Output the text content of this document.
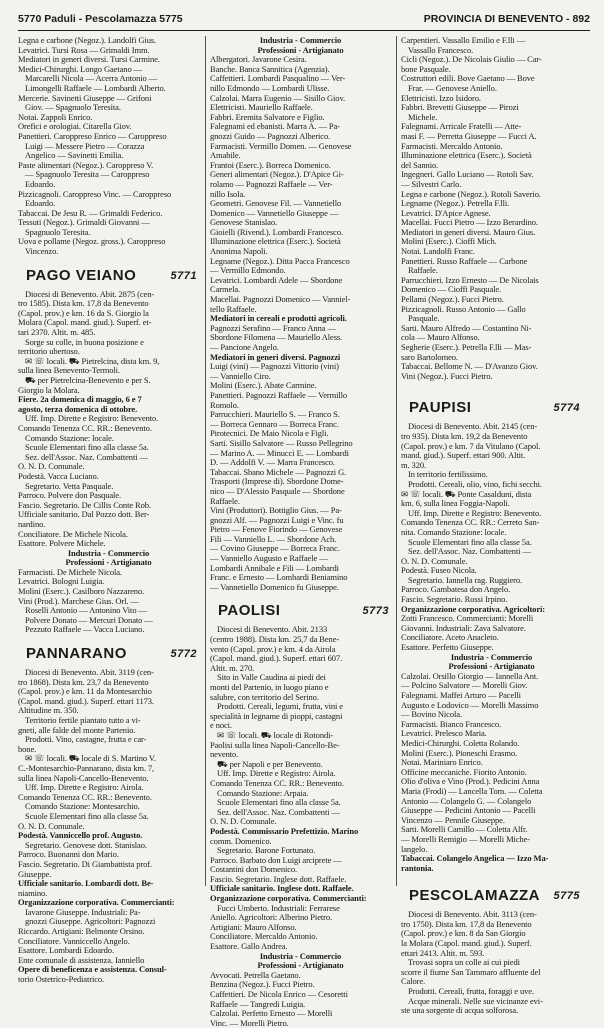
5770 Paduli - Pescolamazza 5775	PROVINCIA DI BENEVENTO - 892
Legna e carbone (Negoz.). Landolfi Gius.
Levatrici. Tursi Rosa — Grimaldi Imm.
Mediatori in generi diversi. Tursi Carmine.
Medici-Chirurghi. Longo Gaetano —
Marcarelli Nicola — Acerra Antonio —
Limongelli Raffaele — Lombardi Alberto.
Mercerie. Savinetti Giuseppe — Grifoni
Giov. — Spagnuolo Teresita.
Notai. Zappoli Enrico.
Orefici e orologiai. Citarella Giov.
Panettieri. Caroppreso Enrico — Caroppreso
Luigi — Messere Pietro — Corazza
Angelico — Savinetti Emilia.
Paste alimentari (Negoz.). Caroppreso V.
— Spagnuolo Teresita — Caroppreso
Edoardo.
Pizzicagnoli. Caroppreso Vinc. — Caroppreso
Edoardo.
Tabaccai. De Jesu R. — Grimaldi Federico.
Tessuti (Negoz.). Grimaldi Giovanni —
Spagnuolo Teresita.
Uova e pollame (Negoz. gross.). Caroppreso
Vincenzo.
PAGO VEIANO	5771
Diocesi di Benevento. Abit. 2875 (cen-
tro 1585). Dista km. 17,8 da Benevento
(Capol. prov.) e km. 16 da S. Giorgio la
Molara (Capol. mand. giud.). Superf. et-
tari 2370. Altit. m. 485.
Sorge su colle, in buona posizione e
territorio ubertoso.
✉ ☏ locali. ⛟ Pietrelcina, dista km. 9,
sulla linea Benevento-Termoli.
⛟ per Pietrelcina-Benevento e per S.
Giorgio la Molara.
Fiere. 2a domenica di maggio, 6 e 7
agosto, terza domenica di ottobre.
Uff. Imp. Dirette e Registro: Benevento.
Comando Tenenza CC. RR.: Benevento.
Comando Stazione: locale.
Scuole Elementari fino alla classe 5a.
Sez. dell'Assoc. Naz. Combattenti —
O. N. D. Comunale.
Podestà. Vacca Luciano.
Segretario. Vetta Pasquale.
Parroco. Polvere don Pasquale.
Fascio. Segretario. De Cillis Conte Rob.
Ufficiale sanitario. Dal Pozzo dott. Ber-
nardino.
Conciliatore. De Michele Nicola.
Esattore. Polvere Michele.
Industria - Commercio
Professioni - Artigianato
Farmacisti. De Michele Nicola.
Levatrici. Bologni Luigia.
Molini (Eserc.). Casilboro Nazzareno.
Vini (Prod.). Marchese Gius. Orl. —
Roselli Antonio — Antonino Vito —
Polvere Donato — Mercuri Donato —
Pezzuto Raffaele — Vacca Luciano.
PANNARANO	5772
Diocesi di Benevento. Abit. 3119 (cen-
tro 1868). Dista km. 23,7 da Benevento
(Capol. prov.) e km. 11 da Montesarchio
(Capol. mand. giud.). Superf. ettari 1173.
Altitudine m. 350.
Territorio fertile piantato tutto a vi-
gneti, alle falde del monte Partenio.
Prodotti. Vino, castagne, frutta e car-
bone.
✉ ☏ locali. ⛟ locale di S. Martino V.
C.-Montesarchio-Pannarano, dista km. 7,
sulla linea Napoli-Cancello-Benevento.
Uff. Imp. Dirette e Registro: Airola.
Comando Tenenza CC. RR.: Benevento.
Comando Stazione: Montesarchio.
Scuole Elementari fino alla classe 5a.
O. N. D. Comunale.
Podestà. Vanniccello prof. Augusto.
Segretario. Genovese dott. Stanislao.
Parroco. Buonanni don Mario.
Fascio. Segretario. Di Giambattista prof.
Giuseppe.
Ufficiale sanitario. Lombardi dott. Be-
niamino.
Organizzazione corporativa. Commercianti:
Iavarone Giuseppe. Industriali: Pa-
gnozzi Giuseppe. Agricoltori: Pagnozzi
Riccardo. Artigiani: Belmonte Orsino.
Conciliatore. Vanniccello Angelo.
Esattore. Lombardi Edoardo.
Ente comunale di assistenza. Ianniello
Opere di beneficenza e assistenza. Consul-
torio Ostetrico-Pediatrico.
Industria - Commercio
Professioni - Artigianato
Albergatori. Javarone Cesira.
Banche. Banca Sannitica (Agenzia).
Caffettieri. Lombardi Pasqualino — Ver-
nillo Edmondo — Lombardi Ulisse.
Calzolai. Marra Eugenio — Sisillo Giov.
Elettricisti. Mauriello Raffaele.
Fabbri. Eremita Salvatore e Figlio.
Falegnami ed ebanisti. Marra A. — Pa-
gnozzi Guido — Pagnozzi Alberico.
Farmacisti. Vermillo Domen. — Genovese
Amabile.
Frantoi (Eserc.). Borreca Domenico.
Generi alimentari (Negoz.). D'Apice Gi-
rolamo — Pagnozzi Raffaele — Ver-
nillo Isola.
Geometri. Genovese Fil. — Vannetiello
Domenico — Vannetiello Giuseppe —
Genovese Stanislao.
Gioielli (Rivend.). Lombardi Francesco.
Illuminazione elettrica (Eserc.). Società
Anonima Napoli.
Legname (Negoz.). Ditta Pacca Francesco
— Vermillo Edmondo.
Levatrici. Lombardi Adele — Sbordone
Carmela.
Macellai. Pagnozzi Domenico — Vanniel-
tello Raffaele.
Mediatori in cereali e prodotti agricoli.
Pagnozzi Serafino — Franco Anna —
Sbordone Filomena — Mauriello Aless.
— Pancione Angelo.
Mediatori in generi diversi. Pagnozzi
Luigi (vini) — Pagnozzi Vittorio (vini)
— Vanniello Ciro.
Molini (Eserc.). Abate Carmine.
Panettieri. Pagnozzi Raffaele — Vermillo
Romolo.
Parrucchieri. Mauriello S. — Franco S.
— Borreca Gennaro — Borreca Franc.
Pirotecnici. De Maio Nicola e Figli.
Sarti. Sisillo Salvatore — Russo Pellegrino
— Marino A. — Minucci E. — Lombardi
D. — Addolfi V. — Marra Francesco.
Tabaccai. Sbano Michele — Pagnozzi G.
Trasporti (Imprese di). Sbordone Dome-
nico — D'Alessio Pasquale — Sbordone
Raffaele.
Vini (Produttori). Bottiglio Gius. — Pa-
gnozzi Alf. — Pagnozzi Luigi e Vinc. fu
Pietro — Fenove Fiorindo — Genovese
Fili — Vanniello L. — Sbordone Ach.
— Covino Giuseppe — Borreca Franc.
— Vanniello Augusto e Raffaele —
Lombardi Annibale e Fili — Lombardi
Franc. e Ernesto — Lombardi Beniamino
— Vannetiello Domenico fu Giuseppe.
PAOLISI	5773
Diocesi di Benevento. Abit. 2133
(centro 1988). Dista km. 25,7 da Bene-
vento (Capol. prov.) e km. 4 da Airola
(Capol. mand. giud.). Superf. ettari 607.
Altit. m. 270.
Sito in Valle Caudina ai piedi dei
monti del Partenio, in luogo piano e
salubre, con territorio del Serino.
Prodotti. Cereali, legumi, frutta, vini e
specialità in legname di pioppi, castagni
e noci.
✉ ☏ locali. ⛟ locale di Rotondi-
Paolisi sulla linea Napoli-Cancello-Be-
nevento.
⛟ per Napoli e per Benevento.
Uff. Imp. Dirette e Registro: Airola.
Comando Tenenza CC. RR.: Benevento.
Comando Stazione: Arpaia.
Scuole Elementari fino alla classe 5a.
Sez. dell'Assoc. Naz. Combattenti —
O. N. D. Comunale.
Podestà. Commissario Prefettizio. Marino
comm. Domenico.
Segretario. Barone Fortunato.
Parroco. Barbato don Luigi arciprete —
Costantini don Domenico.
Fascio. Segretario. Inglese dott. Raffaele.
Ufficiale sanitario. Inglese dott. Raffaele.
Organizzazione corporativa. Commercianti:
Fucci Umberto. Industriali: Ferrarese
Aniello. Agricoltori: Alberino Pietro.
Artigiani: Mauro Alfonso.
Conciliatore. Mercaldo Antonio.
Esattore. Gallo Andrea.
Industria - Commercio
Professioni - Artigianato
Avvocati. Petrella Gaetano.
Benzina (Negoz.). Fucci Pietro.
Caffettieri. De Nicola Enrico — Cesoretti
Raffaele — Tangredi Luigia.
Calzolai. Perfetto Ernesto — Morelli
Vinc. — Morelli Pietro.
Carpentieri. Vassallo Emilio e F.lli —
Vassallo Francesco.
Cicli (Negoz.). De Nicolais Giulio — Car-
bone Pasquale.
Costruttori edili. Bove Gaetano — Bove
Frar. — Genovese Aniello.
Elettricisti. Izzo Isidoro.
Fabbri. Brevetti Giuseppe — Pirozi
Michele.
Falegnami. Arricale Fratelli — Atte-
masi F. — Perretta Giuseppe — Fucci A.
Farmacisti. Mercaldo Antonio.
Illuminazione elettrica (Eserc.). Società
del Sannio.
Ingegneri. Gallo Luciano — Rotoli Sav.
— Silvestri Carlo.
Legna e carbone (Negoz.). Rotoli Saverio.
Legname (Negoz.). Petrella F.lli.
Levatrici. D'Apice Agnese.
Macellai. Fucci Pietro — Izzo Berardino.
Mediatori in generi diversi. Mauro Gius.
Molini (Eserc.). Cioffi Mich.
Notai. Landolfi Franc.
Panettieri. Russo Raffaele — Carbone
Raffaele.
Parrucchieri. Izzo Ernesto — De Nicolais
Domenico — Cioffi Pasquale.
Pellami (Negoz.). Fucci Pietro.
Pizzicagnoli. Russo Antonio — Gallo
Pasquale.
Sarti. Mauro Alfredo — Costantino Ni-
cola — Mauro Alfonso.
Segherie (Eserc.). Petrella F.lli — Mas-
saro Bartolomeo.
Tabaccai. Bellome N. — D'Avanzo Giov.
Vini (Negoz.). Fucci Pietro.
PAUPISI	5774
Diocesi di Benevento. Abit. 2145 (cen-
tro 935). Dista km. 19,2 da Benevento
(Capol. prov.) e km. 7 da Vitulano (Capol.
mand. giud.). Superf. ettari 900. Altit.
m. 320.
In territorio fertilissimo.
Prodotti. Cereali, olio, vino, fichi secchi.
✉ ☏ locali. ⛟ Ponte Casalduni, dista
km. 6, sulla linea Foggia-Napoli.
Uff. Imp. Dirette e Registro: Benevento.
Comando Tenenza CC. RR.: Cerreto San-
nita. Comando Stazione: locale.
Scuole Elementari fino alla classe 5a.
Sez. dell'Assoc. Naz. Combattenti —
O. N. D. Comunale.
Podestà. Fuseo Nicola.
Segretario. Iannella rag. Ruggiero.
Parroco. Gambatesa don Angelo.
Fascio. Segretario. Rossi Irpino.
Organizzazione corporativa. Agricoltori:
Zotti Francesco. Commercianti: Morelli
Giovanni. Industriali: Zava Salvatore.
Conciliatore. Aceto Anacleto.
Esattore. Perfetto Giuseppe.
Industria - Commercio
Professioni - Artigianato
Calzolai. Orsillo Giorgio — Iannella Ant.
— Polcino Salvatore — Morelli Giov.
Falegnami. Maffei Arturo — Pacelli
Augusto e Lodovico — Morelli Massimo
— Bovino Nicola.
Farmacisti. Bianco Francesco.
Levatrici. Prelesco Maria.
Medici-Chirurghi. Coletta Rolando.
Molini (Eserc.). Pioneschi Erasmo.
Notai. Mariniaro Enrico.
Officine meccaniche. Fiorito Antonio.
Olio d'oliva e Vino (Prod.). Pedicini Anna
Maria (Frodi) — Lancella Tom. — Coletta
Antonio — Colangelo G. — Colangelo
Giuseppe — Pedicini Antonio — Pacelli
Vincenzo — Pennile Giuseppe.
Sarti. Morelli Camillo — Coletta Alfr.
— Morelli Remigio — Morelli Miche-
langelo.
Tabaccai. Colangelo Angelica — Izzo Ma-
rantonia.
PESCOLAMAZZA 5775
Diocesi di Benevento. Abit. 3113 (cen-
tro 1750). Dista km. 17,8 da Benevento
(Capol. prov.) e km. 8 da San Giorgio
la Molara (Capol. mand. giud.). Superf.
ettari 2413. Altit. m. 593.
Trovasi sopra un colle ai cui piedi
scorre il fiume San Tammaro affluente del
Calore.
Prodotti. Cereali, frutta, foraggi e uve.
Acque minerali. Nelle sue vicinanze evi-
ste una sorgente di acqua solforosa.
